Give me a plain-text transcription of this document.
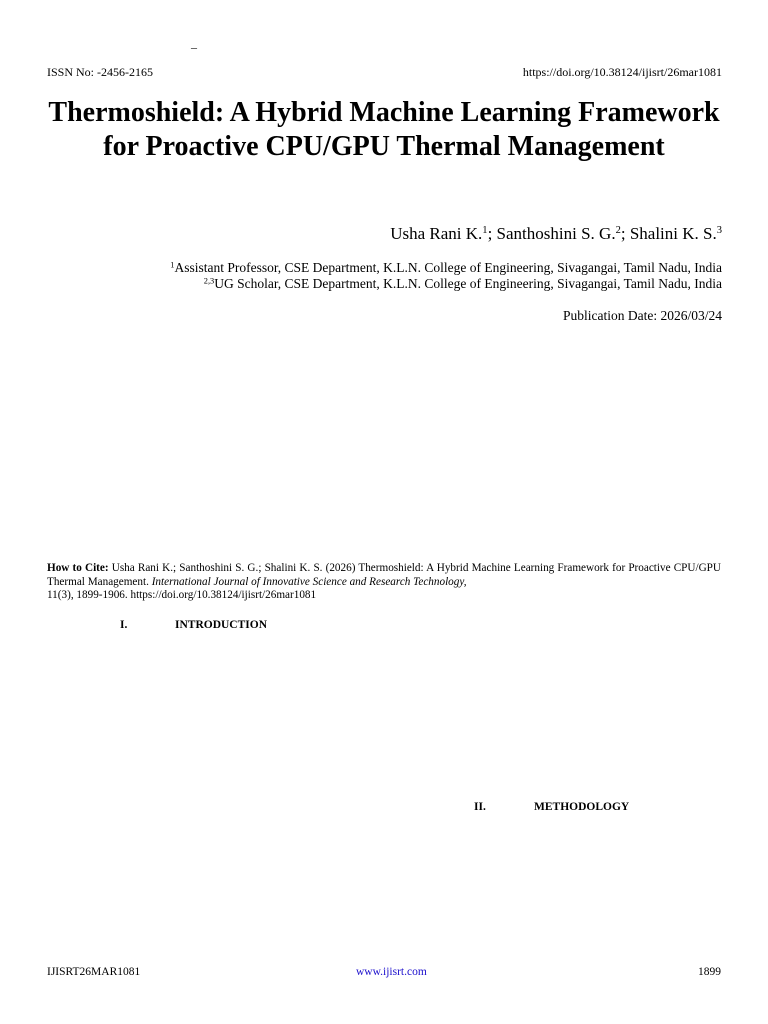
–
ISSN No: -2456-2165	https://doi.org/10.38124/ijisrt/26mar1081
Thermoshield: A Hybrid Machine Learning Framework for Proactive CPU/GPU Thermal Management
Usha Rani K.$^1$; Santhoshini S. G.$^2$; Shalini K. S.$^3$
$^1$Assistant Professor, CSE Department, K.L.N. College of Engineering, Sivagangai, Tamil Nadu, India
$^{2,3}$UG Scholar, CSE Department, K.L.N. College of Engineering, Sivagangai, Tamil Nadu, India
Publication Date: 2026/03/24
How to Cite: Usha Rani K.; Santhoshini S. G.; Shalini K. S. (2026) Thermoshield: A Hybrid Machine Learning Framework for Proactive CPU/GPU Thermal Management. International Journal of Innovative Science and Research Technology,
11(3), 1899-1906. https://doi.org/10.38124/ijisrt/26mar1081
I.	INTRODUCTION
II.	METHODOLOGY
IJISRT26MAR1081	www.ijisrt.com	1899
